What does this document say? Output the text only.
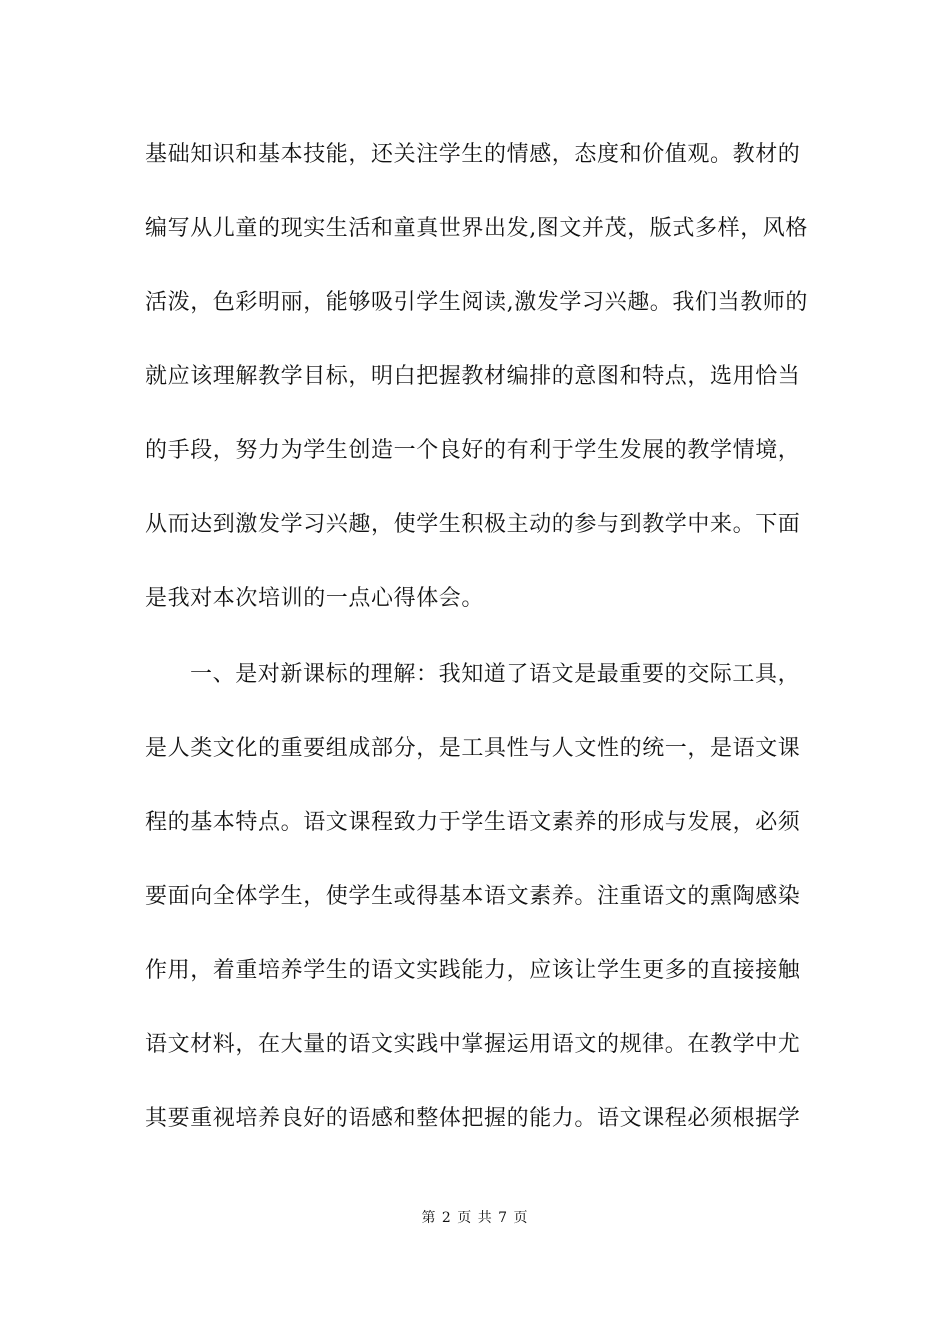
基础知识和基本技能，还关注学生的情感，态度和价值观。教材的
编写从儿童的现实生活和童真世界出发,图文并茂，版式多样，风格
活泼，色彩明丽，能够吸引学生阅读,激发学习兴趣。我们当教师的
就应该理解教学目标，明白把握教材编排的意图和特点，选用恰当
的手段，努力为学生创造一个良好的有利于学生发展的教学情境，
从而达到激发学习兴趣，使学生积极主动的参与到教学中来。下面
是我对本次培训的一点心得体会。
一、是对新课标的理解：我知道了语文是最重要的交际工具，
是人类文化的重要组成部分，是工具性与人文性的统一，是语文课
程的基本特点。语文课程致力于学生语文素养的形成与发展，必须
要面向全体学生，使学生或得基本语文素养。注重语文的熏陶感染
作用，着重培养学生的语文实践能力，应该让学生更多的直接接触
语文材料，在大量的语文实践中掌握运用语文的规律。在教学中尤
其要重视培养良好的语感和整体把握的能力。语文课程必须根据学
第 2 页 共 7 页
